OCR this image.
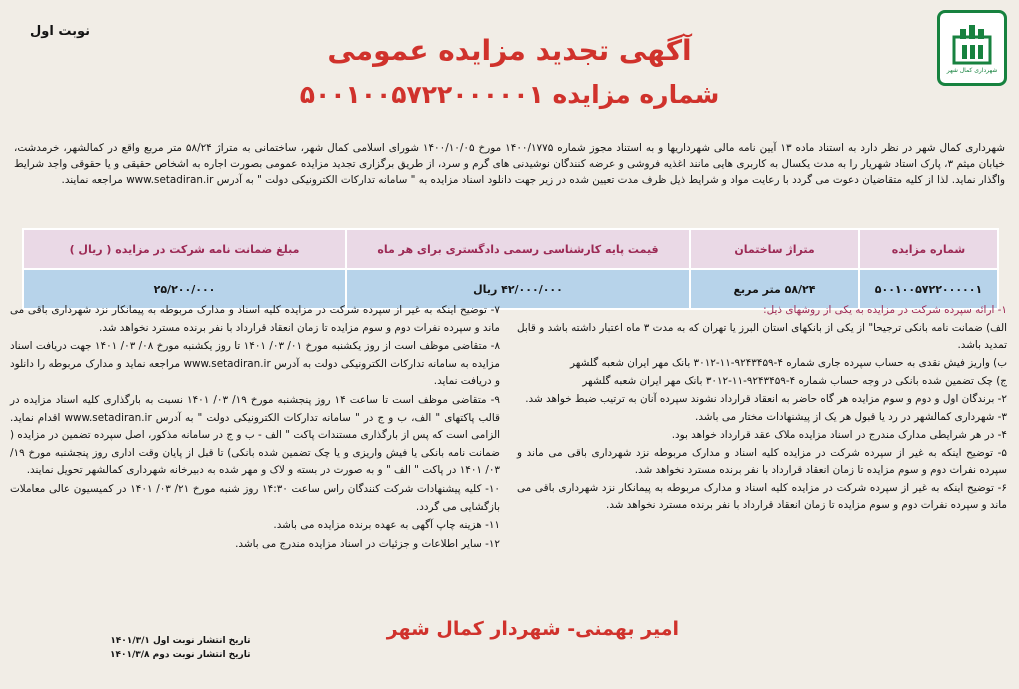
شهرداری کمال شهر
نوبت اول
آگهی تجدید مزایده عمومی
شماره مزایده ۵۰۰۱۰۰۵۷۲۲۰۰۰۰۰۱
شهرداری کمال شهر در نظر دارد به استناد ماده ۱۳ آیین نامه مالی شهرداریها و به استناد مجوز شماره ۱۴۰۰/۱۷۷۵ مورخ ۱۴۰۰/۱۰/۰۵ شورای اسلامی کمال شهر، ساختمانی به متراژ ۵۸/۲۴ متر مربع واقع در کمالشهر، خرمدشت، خیابان میثم ۳، پارک استاد شهریار را به مدت یکسال به کاربری هایی مانند اغذیه فروشی و عرضه کنندگان نوشیدنی های گرم و سرد، از طریق برگزاری تجدید مزایده عمومی بصورت اجاره به اشخاص حقیقی و یا حقوقی واجد شرایط واگذار نماید. لذا از کلیه متقاضیان دعوت می گردد با رعایت مواد و شرایط ذیل ظرف مدت تعیین شده در زیر جهت دانلود اسناد مزایده به " سامانه تدارکات الکترونیکی دولت " به آدرس www.setadiran.ir مراجعه نمایند.
شماره مزایده	متراژ ساختمان	قیمت پایه کارشناسی رسمی دادگستری برای هر ماه	مبلغ ضمانت نامه شرکت در مزایده ( ریال )
۵۰۰۱۰۰۵۷۲۲۰۰۰۰۰۱	۵۸/۲۴ متر مربع	۴۲/۰۰۰/۰۰۰ ریال	۲۵/۲۰۰/۰۰۰

۱- ارائه سپرده شرکت در مزایده به یکی از روشهای ذیل:

الف) ضمانت نامه بانکی ترجیحا" از یکی از بانکهای استان البرز یا تهران که به مدت ۳ ماه اعتبار داشته باشد و قابل تمدید باشد.

ب) واریز فیش نقدی به حساب سپرده جاری شماره ۴-۹۲۴۳۴۵۹-۱۱-۳۰۱۲ بانک مهر ایران شعبه گلشهر

ج) چک تضمین شده بانکی در وجه حساب شماره ۴-۹۲۴۳۴۵۹-۱۱-۳۰۱۲ بانک مهر ایران شعبه گلشهر

۲- برندگان اول و دوم و سوم مزایده هر گاه حاضر به انعقاد قرارداد نشوند سپرده آنان به ترتیب ضبط خواهد شد.

۳- شهرداری کمالشهر در رد یا قبول هر یک از پیشنهادات مختار می باشد.

۴- در هر شرایطی مدارک مندرج در اسناد مزایده ملاک عقد قرارداد خواهد بود.

۵- توضیح اینکه به غیر از سپرده شرکت در مزایده کلیه اسناد و مدارک مربوطه نزد شهرداری باقی می ماند و سپرده نفرات دوم و سوم مزایده تا زمان انعقاد قرارداد با نفر برنده مسترد نخواهد شد.

۶- توضیح اینکه به غیر از سپرده شرکت در مزایده کلیه اسناد و مدارک مربوطه به پیمانکار نزد شهرداری باقی می ماند و سپرده نفرات دوم و سوم مزایده تا زمان انعقاد قرارداد با نفر برنده مسترد نخواهد شد.

۷- توضیح اینکه به غیر از سپرده شرکت در مزایده کلیه اسناد و مدارک مربوطه به پیمانکار نزد شهرداری باقی می ماند و سپرده نفرات دوم و سوم مزایده تا زمان انعقاد قرارداد با نفر برنده مسترد نخواهد شد.

۸- متقاضی موظف است از روز یکشنبه مورخ ۰۱/ ۰۳/ ۱۴۰۱ تا روز یکشنبه مورخ ۰۸/ ۰۳/ ۱۴۰۱ جهت دریافت اسناد مزایده به سامانه تدارکات الکترونیکی دولت به آدرس www.setadiran.ir مراجعه نماید و مدارک مربوطه را دانلود و دریافت نماید.

۹- متقاضی موظف است تا ساعت ۱۴ روز پنجشنبه مورخ ۱۹/ ۰۳/ ۱۴۰۱ نسبت به بارگذاری کلیه اسناد مزایده در قالب پاکتهای " الف، ب و ج در " سامانه تدارکات الکترونیکی دولت " به آدرس www.setadiran.ir اقدام نماید. الزامی است که پس از بارگذاری مستندات پاکت " الف - ب و ج در سامانه مذکور، اصل سپرده تضمین در مزایده ( ضمانت نامه بانکی یا فیش واریزی و یا چک تضمین شده بانکی) تا قبل از پایان وقت اداری روز پنجشنبه مورخ ۱۹/ ۰۳/ ۱۴۰۱ در پاکت " الف " و به صورت در بسته و لاک و مهر شده به دبیرخانه شهرداری کمالشهر تحویل نمایند.

۱۰- کلیه پیشنهادات شرکت کنندگان راس ساعت ۱۴:۳۰ روز شنبه مورخ ۲۱/ ۰۳/ ۱۴۰۱ در کمیسیون عالی معاملات بازگشایی می گردد.

۱۱- هزینه چاپ آگهی به عهده برنده مزایده می باشد.

۱۲- سایر اطلاعات و جزئیات در اسناد مزایده مندرج می باشد.

امیر بهمنی- شهردار کمال شهر
تاریخ انتشار نوبت اول ۱۴۰۱/۳/۱
تاریخ انتشار نوبت دوم ۱۴۰۱/۳/۸
